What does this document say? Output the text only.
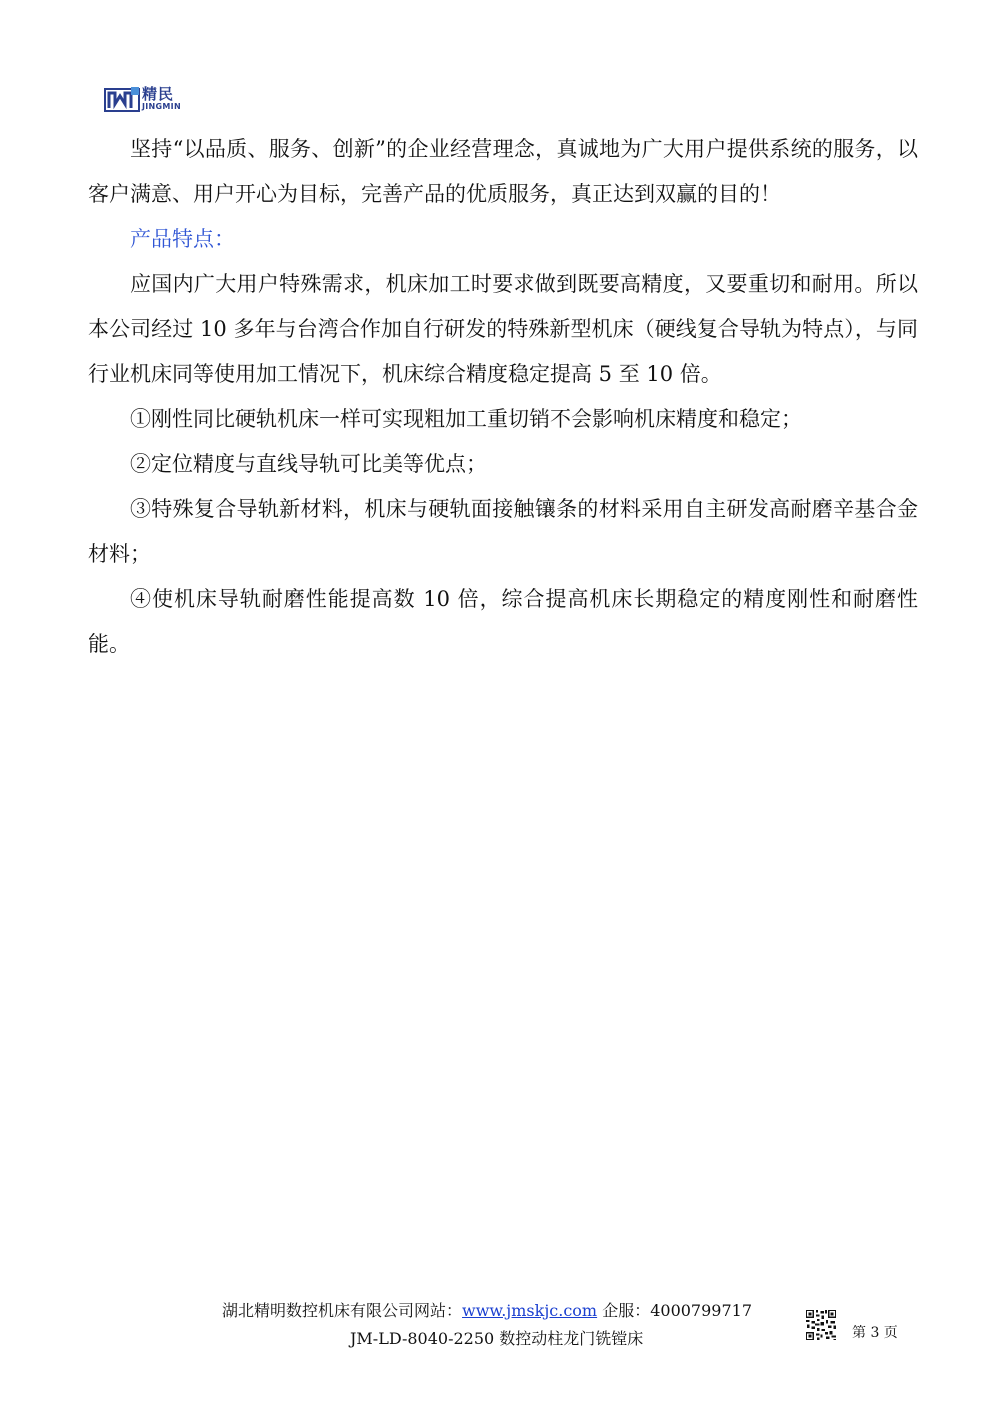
精民
JINGMIN

坚持“以品质、服务、创新”的企业经营理念，真诚地为广大用户提供系统的服务，以客户满意、用户开心为目标，完善产品的优质服务，真正达到双赢的目的！

产品特点：

应国内广大用户特殊需求，机床加工时要求做到既要高精度，又要重切和耐用。所以本公司经过 10 多年与台湾合作加自行研发的特殊新型机床（硬线复合导轨为特点），与同行业机床同等使用加工情况下，机床综合精度稳定提高 5 至 10 倍。

①刚性同比硬轨机床一样可实现粗加工重切销不会影响机床精度和稳定；

②定位精度与直线导轨可比美等优点；

③特殊复合导轨新材料，机床与硬轨面接触镶条的材料采用自主研发高耐磨辛基合金材料；

④使机床导轨耐磨性能提高数 10 倍，综合提高机床长期稳定的精度刚性和耐磨性能。

湖北精明数控机床有限公司网站：www.jmskjc.com 企服：4000799717
JM-LD-8040-2250 数控动柱龙门铣镗床	第 3 页
